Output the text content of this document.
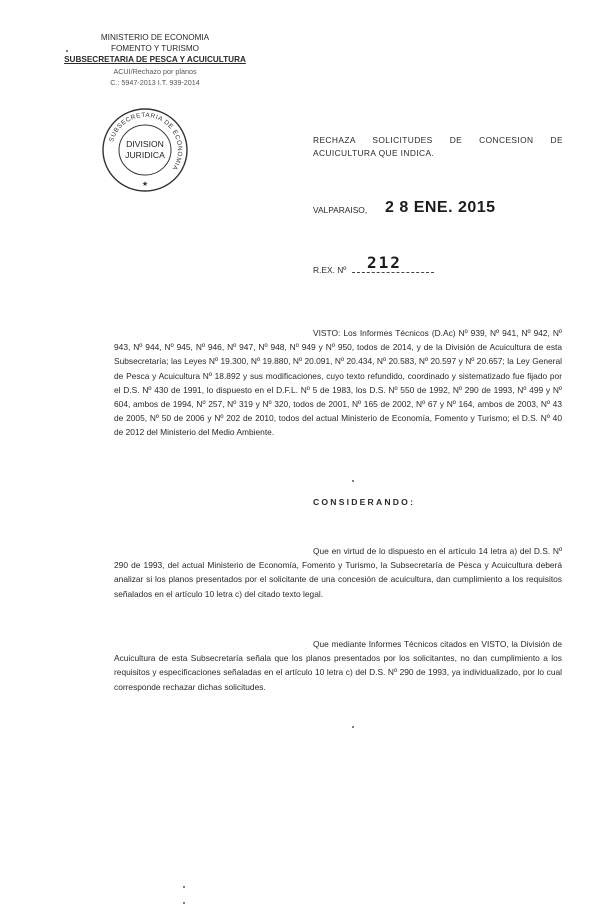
MINISTERIO DE ECONOMIA
FOMENTO Y TURISMO
SUBSECRETARIA DE PESCA Y ACUICULTURA
ACUI/Rechazo por planos
C.: 5947-2013 I.T. 939-2014
SUBSECRETARIA DE ECONOMIA
DIVISION
JURIDICA
★
RECHAZA SOLICITUDES DE CONCESION DE ACUICULTURA QUE INDICA.
VALPARAISO, 2 8 ENE. 2015
R.EX. Nº 212
VISTO: Los Informes Técnicos (D.Ac) Nº 939, Nº 941, Nº 942, Nº 943, Nº 944, Nº 945, Nº 946, Nº 947, Nº 948, Nº 949 y Nº 950, todos de 2014, y de la División de Acuicultura de esta Subsecretaría; las Leyes Nº 19.300, Nº 19.880, Nº 20.091, Nº 20.434, Nº 20.583, Nº 20.597 y Nº 20.657; la Ley General de Pesca y Acuicultura Nº 18.892 y sus modificaciones, cuyo texto refundido, coordinado y sistematizado fue fijado por el D.S. Nº 430 de 1991, lo dispuesto en el D.F.L. Nº 5 de 1983, los D.S. Nº 550 de 1992, Nº 290 de 1993, Nº 499 y Nº 604, ambos de 1994, Nº 257, Nº 319 y Nº 320, todos de 2001, Nº 165 de 2002, Nº 67 y Nº 164, ambos de 2003, Nº 43 de 2005, Nº 50 de 2006 y Nº 202 de 2010, todos del actual Ministerio de Economía, Fomento y Turismo; el D.S. Nº 40 de 2012 del Ministerio del Medio Ambiente.
CONSIDERANDO:
Que en virtud de lo dispuesto en el artículo 14 letra a) del D.S. Nº 290 de 1993, del actual Ministerio de Economía, Fomento y Turismo, la Subsecretaría de Pesca y Acuicultura deberá analizar si los planos presentados por el solicitante de una concesión de acuicultura, dan cumplimiento a los requisitos señalados en el artículo 10 letra c) del citado texto legal.
Que mediante Informes Técnicos citados en VISTO, la División de Acuicultura de esta Subsecretaría señala que los planos presentados por los solicitantes, no dan cumplimiento a los requisitos y especificaciones señaladas en el artículo 10 letra c) del D.S. Nº 290 de 1993, ya individualizado, por lo cual corresponde rechazar dichas solicitudes.
